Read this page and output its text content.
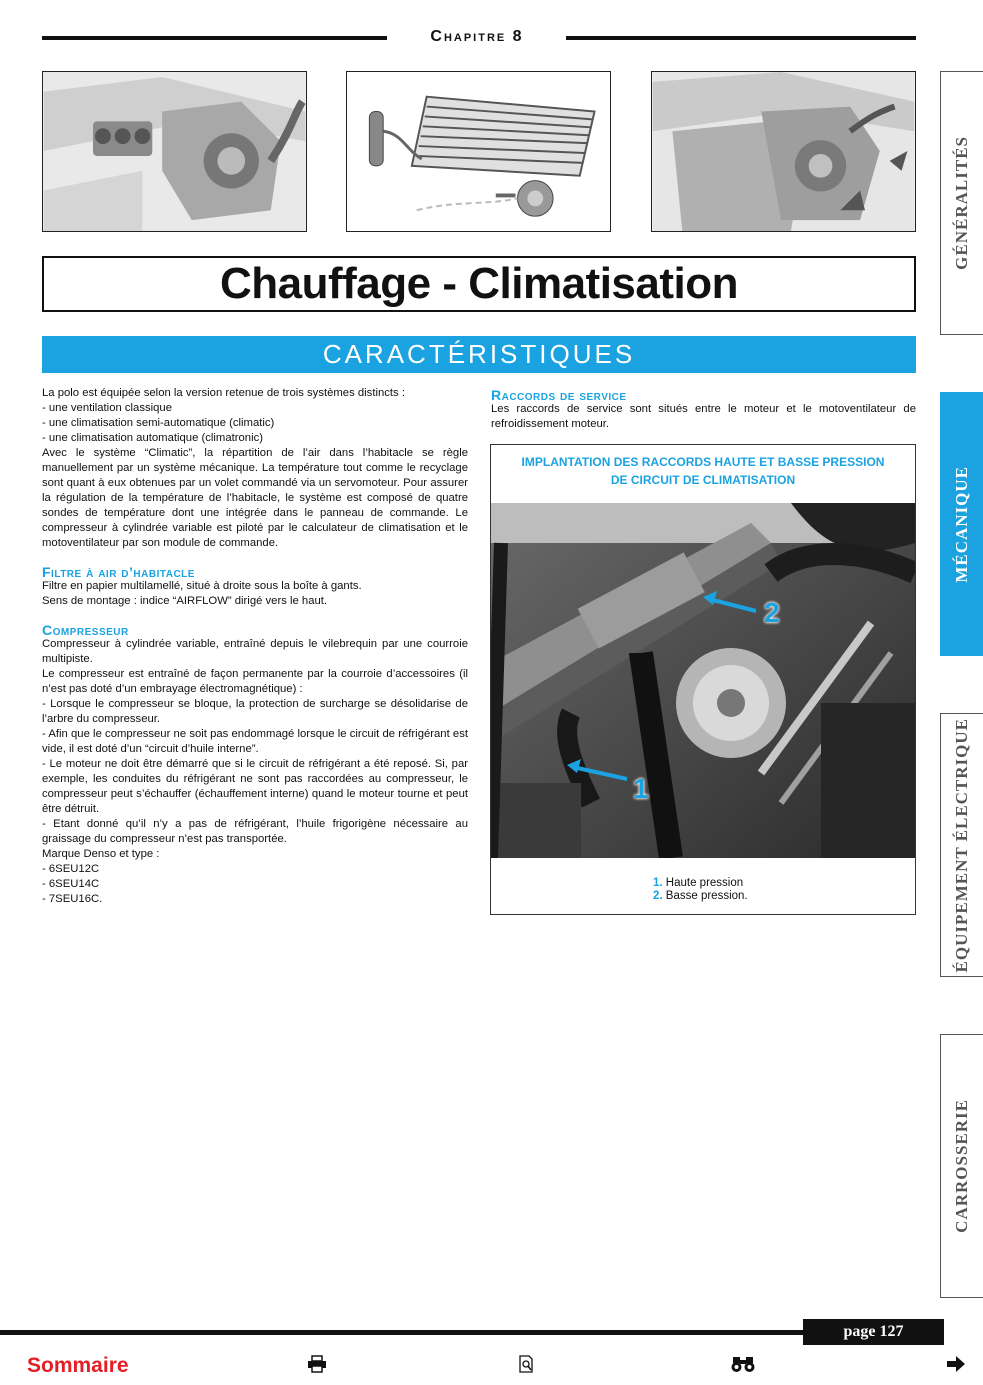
Chapitre 8
Chauffage - Climatisation
CARACTÉRISTIQUES
GÉNÉRALITÉS
MÉCANIQUE
ÉQUIPEMENT ÉLECTRIQUE
CARROSSERIE

La polo est équipée selon la version retenue de trois systèmes distincts :

- une ventilation classique

- une climatisation semi-automatique (climatic)

- une climatisation automatique (climatronic)

Avec le système “Climatic”, la répartition de l’air dans l’habitacle se règle manuellement par un système mécanique. La température tout comme le recyclage sont quant à eux obtenues par un volet commandé via un servomoteur. Pour assurer la régulation de la température de l’habitacle, le système est composé de quatre sondes de température dont une intégrée dans le panneau de commande. Le compresseur à cylindrée variable est piloté par le calculateur de climatisation et le motoventilateur par son module de commande.

Filtre à air d’habitacle

Filtre en papier multilamellé, situé à droite sous la boîte à gants.

Sens de montage : indice “AIRFLOW” dirigé vers le haut.

Compresseur

Compresseur à cylindrée variable, entraîné depuis le vilebrequin par une courroie multipiste.

Le compresseur est entraîné de façon permanente par la courroie d’accessoires (il n’est pas doté d’un embrayage électromagnétique) :

- Lorsque le compresseur se bloque, la protection de surcharge se désolidarise de l’arbre du compresseur.

- Afin que le compresseur ne soit pas endommagé lorsque le circuit de réfrigérant est vide, il est doté d’un “circuit d’huile interne”.

- Le moteur ne doit être démarré que si le circuit de réfrigérant a été reposé. Si, par exemple, les conduites du réfrigérant ne sont pas raccordées au compresseur, le compresseur peut s’échauffer (échauffement interne) quand le moteur tourne et peut être détruit.

- Etant donné qu’il n’y a pas de réfrigérant, l’huile frigorigène nécessaire au graissage du compresseur n’est pas transportée.

Marque Denso et type :

- 6SEU12C

- 6SEU14C

- 7SEU16C.

Raccords de service

Les raccords de service sont situés entre le moteur et le motoventilateur de refroidissement moteur.

IMPLANTATION DES RACCORDS HAUTE ET BASSE PRESSION
DE CIRCUIT DE CLIMATISATION
2
1
1. Haute pression
2. Basse pression.
page 127
Sommaire
